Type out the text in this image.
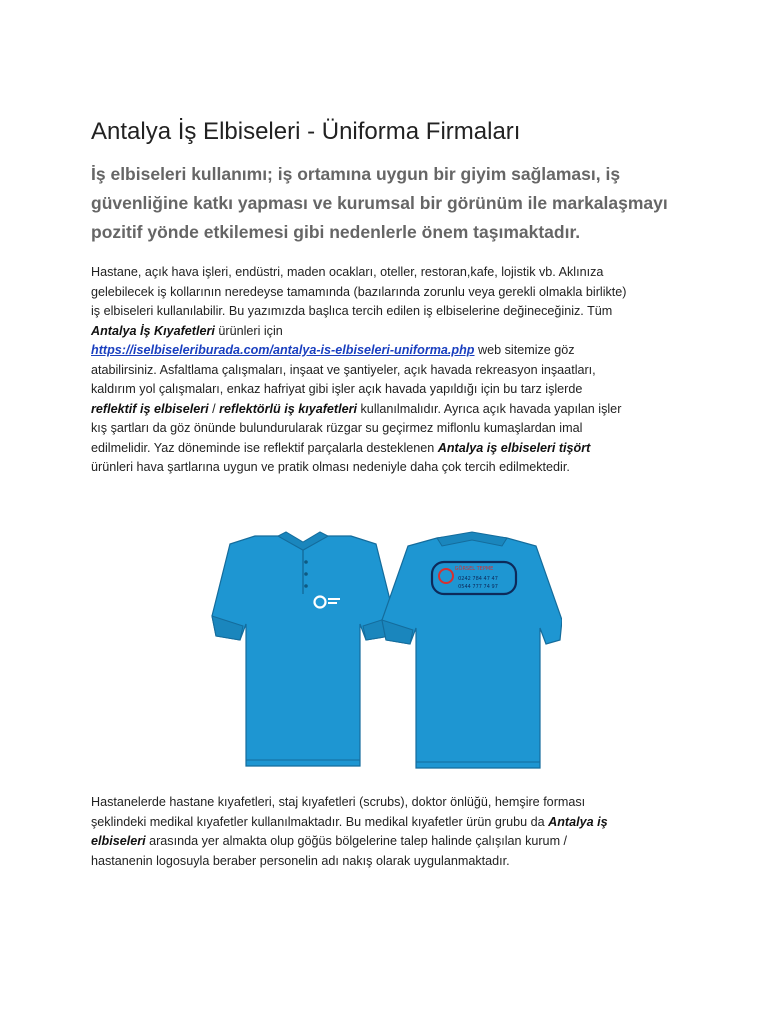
Antalya İş Elbiseleri - Üniforma Firmaları
İş elbiseleri kullanımı; iş ortamına uygun bir giyim sağlaması, iş
güvenliğine katkı yapması ve kurumsal bir görünüm ile markalaşmayı
pozitif yönde etkilemesi gibi nedenlerle önem taşımaktadır.

Hastane, açık hava işleri, endüstri, maden ocakları, oteller, restoran,kafe, lojistik vb. Aklınıza
gelebilecek iş kollarının neredeyse tamamında (bazılarında zorunlu veya gerekli olmakla birlikte)
iş elbiseleri kullanılabilir. Bu yazımızda başlıca tercih edilen iş elbiselerine değineceğiniz. Tüm
Antalya İş Kıyafetleri ürünleri için
https://iselbiseleriburada.com/antalya-is-elbiseleri-uniforma.php web sitemize göz
atabilirsiniz. Asfaltlama çalışmaları, inşaat ve şantiyeler, açık havada rekreasyon inşaatları,
kaldırım yol çalışmaları, enkaz hafriyat gibi işler açık havada yapıldığı için bu tarz işlerde
reflektif iş elbiseleri / reflektörlü iş kıyafetleri kullanılmalıdır. Ayrıca açık havada yapılan işler
kış şartları da göz önünde bulundurularak rüzgar su geçirmez miflonlu kumaşlardan imal
edilmelidir. Yaz döneminde ise reflektif parçalarla desteklenen Antalya iş elbiseleri tişört
ürünleri hava şartlarına uygun ve pratik olması nedeniyle daha çok tercih edilmektedir.

GÖRSEL TEPME
0242 784 47 47
0544 777 74 97

Hastanelerde hastane kıyafetleri, staj kıyafetleri (scrubs), doktor önlüğü, hemşire forması
şeklindeki medikal kıyafetler kullanılmaktadır. Bu medikal kıyafetler ürün grubu da Antalya iş
elbiseleri arasında yer almakta olup göğüs bölgelerine talep halinde çalışılan kurum /
hastanenin logosuyla beraber personelin adı nakış olarak uygulanmaktadır.
